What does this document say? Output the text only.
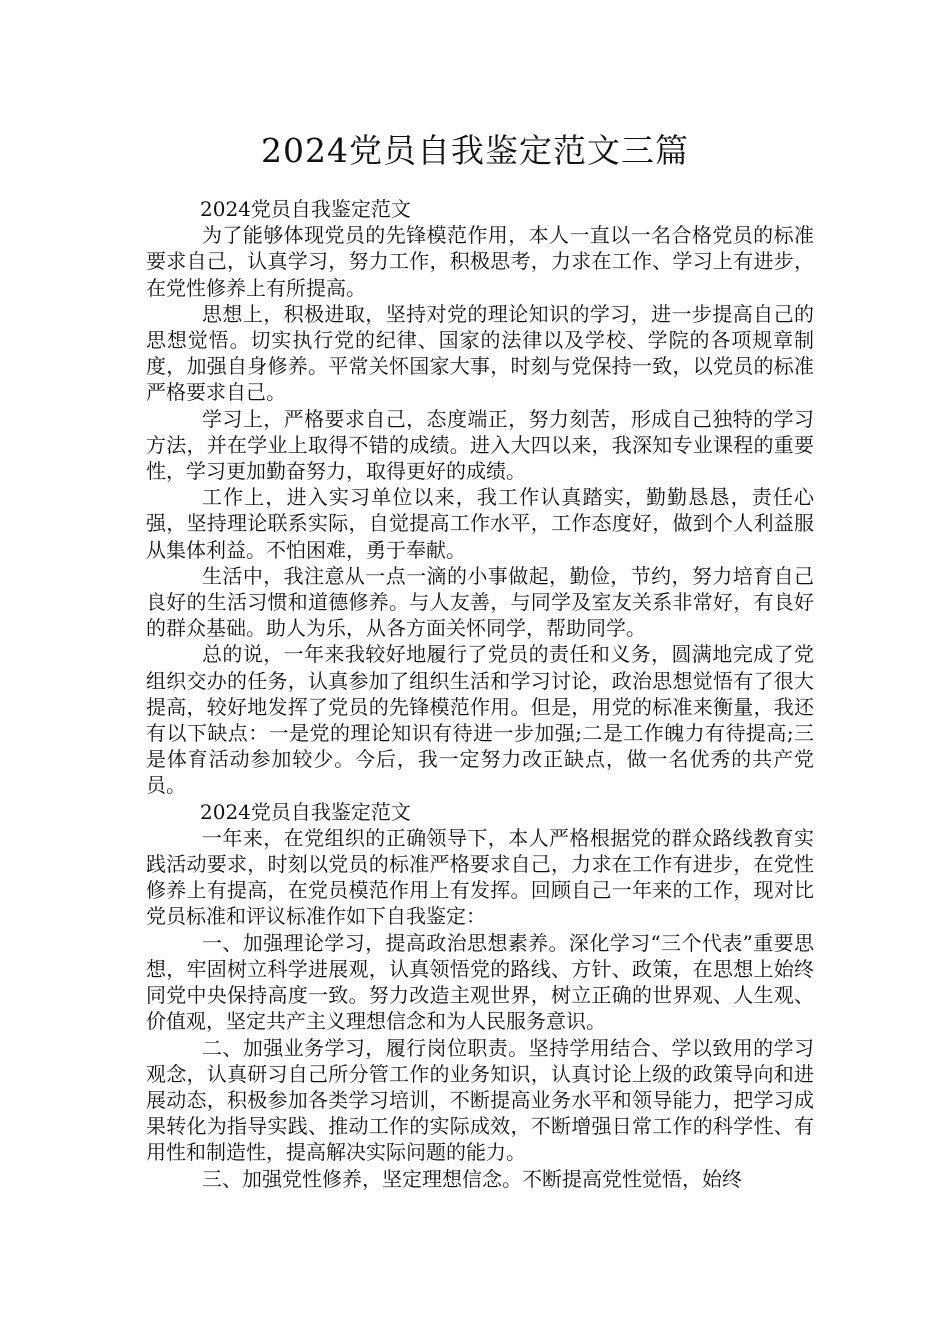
2024党员自我鉴定范文三篇

2024党员自我鉴定范文

为了能够体现党员的先锋模范作用，本人一直以一名合格党员的标准要求自己，认真学习，努力工作，积极思考，力求在工作、学习上有进步，在党性修养上有所提高。

思想上，积极进取，坚持对党的理论知识的学习，进一步提高自己的思想觉悟。切实执行党的纪律、国家的法律以及学校、学院的各项规章制度，加强自身修养。平常关怀国家大事，时刻与党保持一致，以党员的标准严格要求自己。

学习上，严格要求自己，态度端正，努力刻苦，形成自己独特的学习方法，并在学业上取得不错的成绩。进入大四以来，我深知专业课程的重要性，学习更加勤奋努力，取得更好的成绩。

工作上，进入实习单位以来，我工作认真踏实，勤勤恳恳，责任心强，坚持理论联系实际，自觉提高工作水平，工作态度好，做到个人利益服从集体利益。不怕困难，勇于奉献。

生活中，我注意从一点一滴的小事做起，勤俭，节约，努力培育自己良好的生活习惯和道德修养。与人友善，与同学及室友关系非常好，有良好的群众基础。助人为乐，从各方面关怀同学，帮助同学。

总的说，一年来我较好地履行了党员的责任和义务，圆满地完成了党组织交办的任务，认真参加了组织生活和学习讨论，政治思想觉悟有了很大提高，较好地发挥了党员的先锋模范作用。但是，用党的标准来衡量，我还有以下缺点：一是党的理论知识有待进一步加强;二是工作魄力有待提高;三是体育活动参加较少。今后，我一定努力改正缺点，做一名优秀的共产党员。

2024党员自我鉴定范文

一年来，在党组织的正确领导下，本人严格根据党的群众路线教育实践活动要求，时刻以党员的标准严格要求自己，力求在工作有进步，在党性修养上有提高，在党员模范作用上有发挥。回顾自己一年来的工作，现对比党员标准和评议标准作如下自我鉴定：

一、加强理论学习，提高政治思想素养。深化学习“三个代表”重要思想，牢固树立科学进展观，认真领悟党的路线、方针、政策，在思想上始终同党中央保持高度一致。努力改造主观世界，树立正确的世界观、人生观、价值观，坚定共产主义理想信念和为人民服务意识。

二、加强业务学习，履行岗位职责。坚持学用结合、学以致用的学习观念，认真研习自己所分管工作的业务知识，认真讨论上级的政策导向和进展动态，积极参加各类学习培训，不断提高业务水平和领导能力，把学习成果转化为指导实践、推动工作的实际成效，不断增强日常工作的科学性、有用性和制造性，提高解决实际问题的能力。

三、加强党性修养，坚定理想信念。不断提高党性觉悟，始终
